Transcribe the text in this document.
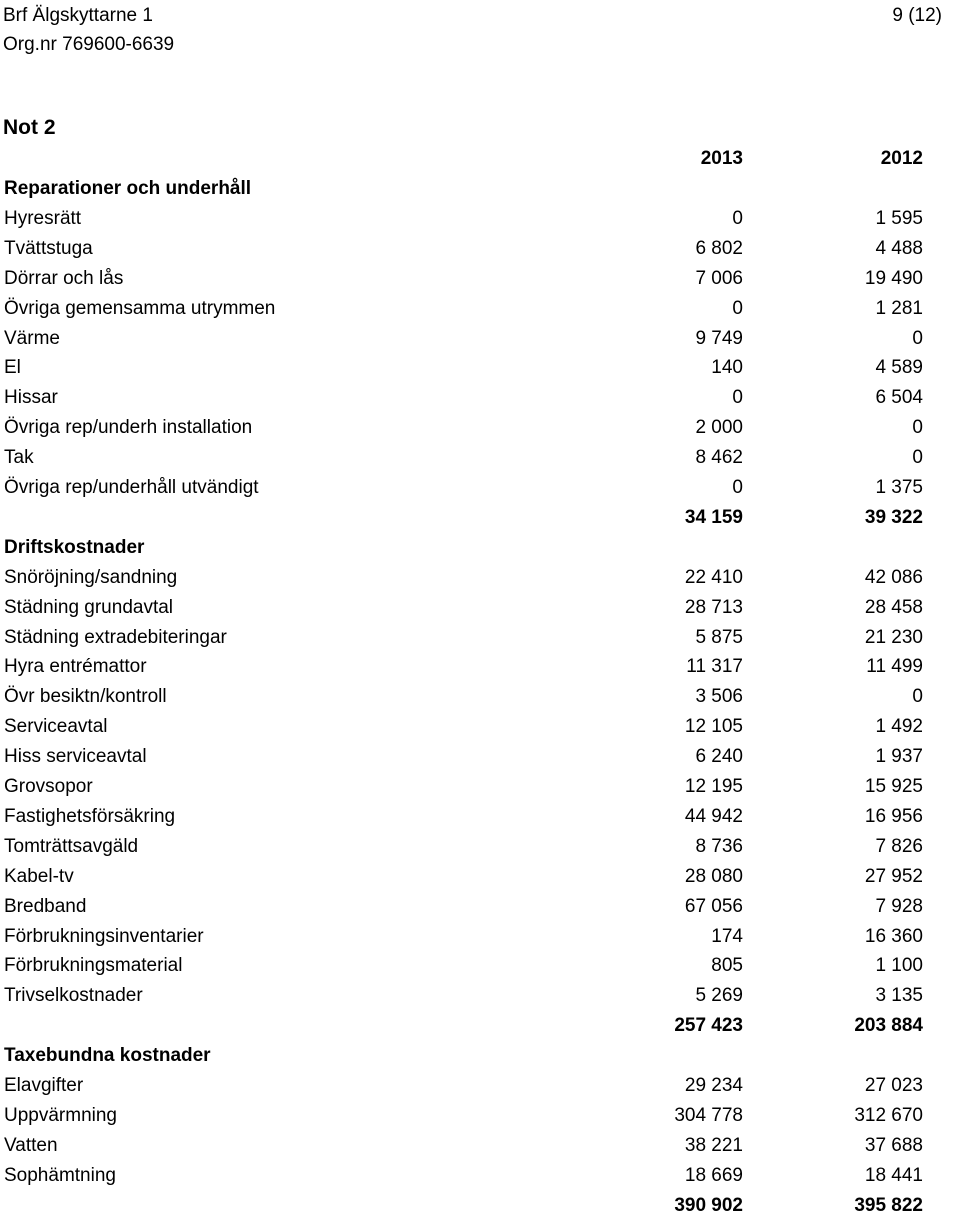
Brf Älgskyttarne 1
Org.nr 769600-6639
9 (12)
Not 2
2013	2012
Reparationer och underhåll
Hyresrätt	0	1 595
Tvättstuga	6 802	4 488
Dörrar och lås	7 006	19 490
Övriga gemensamma utrymmen	0	1 281
Värme	9 749	0
El	140	4 589
Hissar	0	6 504
Övriga rep/underh installation	2 000	0
Tak	8 462	0
Övriga rep/underhåll utvändigt	0	1 375
34 159	39 322
Driftskostnader
Snöröjning/sandning	22 410	42 086
Städning grundavtal	28 713	28 458
Städning extradebiteringar	5 875	21 230
Hyra entrémattor	11 317	11 499
Övr besiktn/kontroll	3 506	0
Serviceavtal	12 105	1 492
Hiss serviceavtal	6 240	1 937
Grovsopor	12 195	15 925
Fastighetsförsäkring	44 942	16 956
Tomträttsavgäld	8 736	7 826
Kabel-tv	28 080	27 952
Bredband	67 056	7 928
Förbrukningsinventarier	174	16 360
Förbrukningsmaterial	805	1 100
Trivselkostnader	5 269	3 135
257 423	203 884
Taxebundna kostnader
Elavgifter	29 234	27 023
Uppvärmning	304 778	312 670
Vatten	38 221	37 688
Sophämtning	18 669	18 441
390 902	395 822
